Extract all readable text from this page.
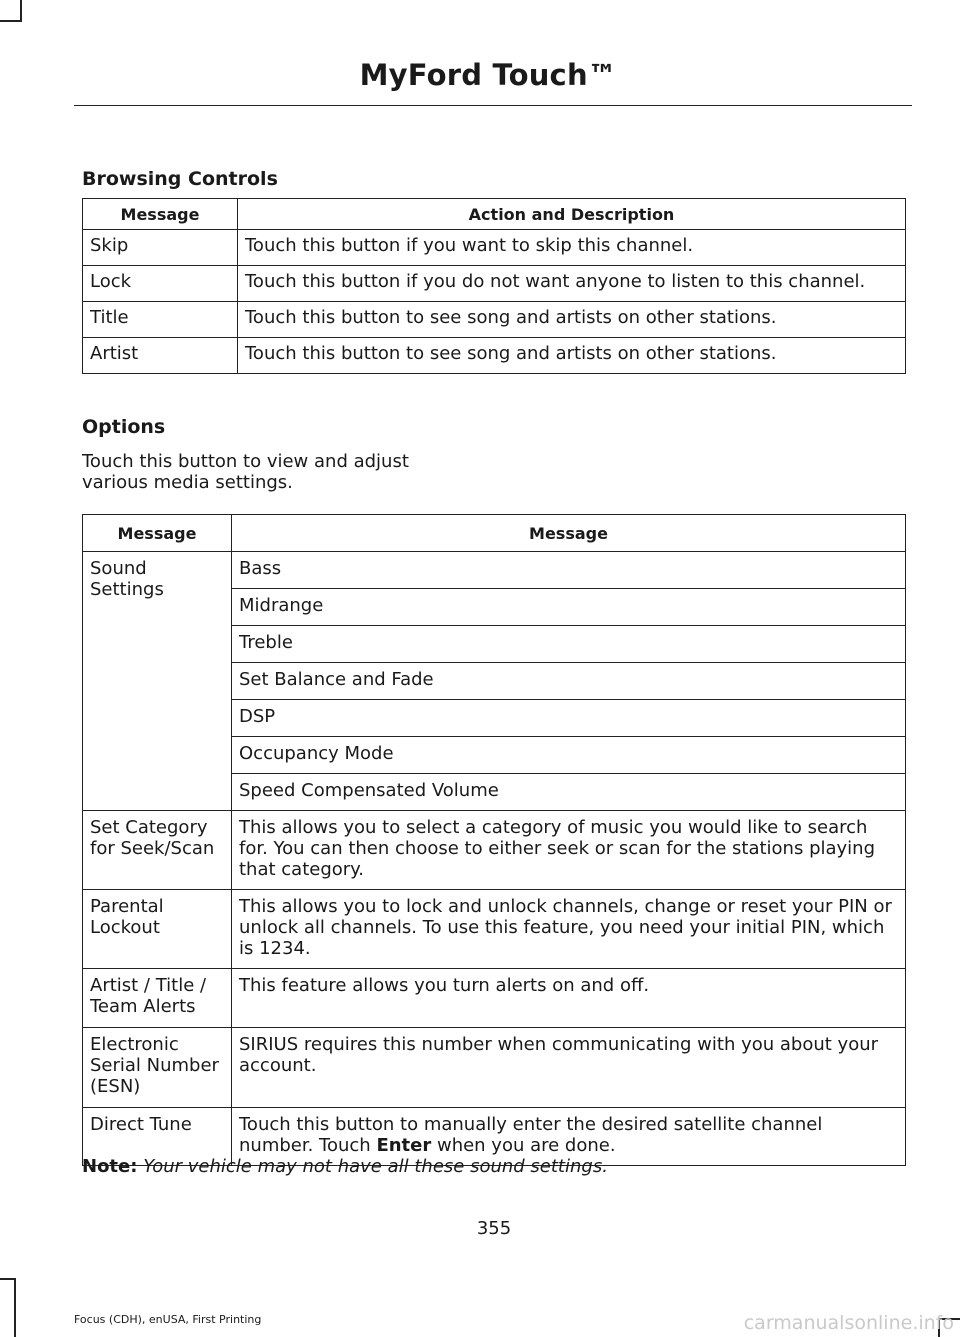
MyFord Touch™
Browsing Controls
Message	Action and Description
Skip	Touch this button if you want to skip this channel.
Lock	Touch this button if you do not want anyone to listen to this channel.
Title	Touch this button to see song and artists on other stations.
Artist	Touch this button to see song and artists on other stations.
Options
Touch this button to view and adjust various media settings.
Message	Message
Sound Settings	Bass
	Midrange
	Treble
	Set Balance and Fade
	DSP
	Occupancy Mode
	Speed Compensated Volume
Set Category for Seek/Scan	This allows you to select a category of music you would like to search for. You can then choose to either seek or scan for the stations playing that category.
Parental Lockout	This allows you to lock and unlock channels, change or reset your PIN or unlock all channels. To use this feature, you need your initial PIN, which is 1234.
Artist / Title / Team Alerts	This feature allows you turn alerts on and off.
Electronic Serial Number (ESN)	SIRIUS requires this number when communicating with you about your account.
Direct Tune	Touch this button to manually enter the desired satellite channel number. Touch Enter when you are done.
Note: Your vehicle may not have all these sound settings.
355
Focus (CDH), enUSA, First Printing	carmanualsonline.info
